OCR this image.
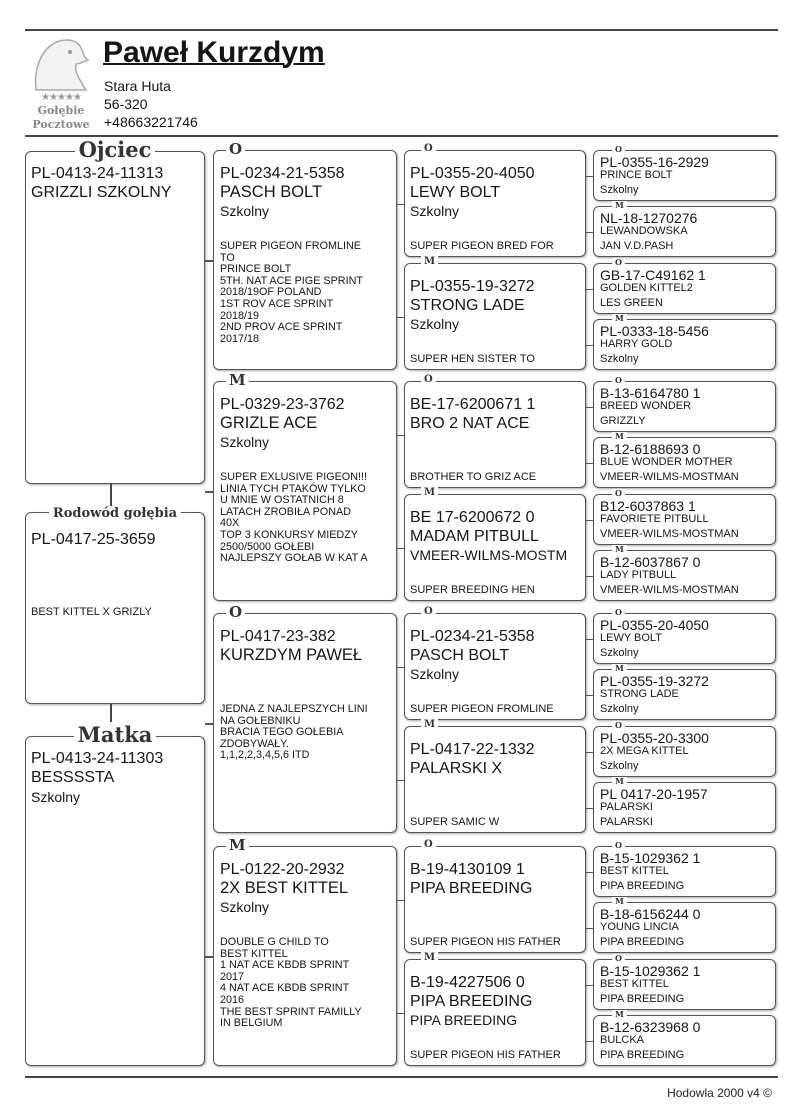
★★★★★
Gołębie
Pocztowe
Paweł Kurzdym
Stara Huta
56-320
+48663221746
Ojciec
PL-0413-24-11313
GRIZZLI SZKOLNY
Rodowód gołębia
PL-0417-25-3659
BEST KITTEL X GRIZLY
Matka
PL-0413-24-11303
BESSSSTA
Szkolny
O
PL-0234-21-5358
PASCH BOLT
Szkolny
SUPER PIGEON FROMLINE
TO
PRINCE BOLT
5TH. NAT ACE PIGE SPRINT
2018/19OF POLAND
1ST ROV ACE SPRINT
2018/19
2ND PROV ACE SPRINT
2017/18
M
PL-0329-23-3762
GRIZLE ACE
Szkolny
SUPER EXLUSIVE PIGEON!!!
LINIA TYCH PTAKÓW TYLKO
U MNIE W OSTATNICH 8
LATACH ZROBIŁA PONAD
40X
TOP 3 KONKURSY MIEDZY
2500/5000 GOŁEBI
NAJLEPSZY GOŁAB W KAT A
O
PL-0417-23-382
KURZDYM PAWEŁ
JEDNA Z NAJLEPSZYCH LINI
NA GOŁEBNIKU
BRACIA TEGO GOŁEBIA
ZDOBYWAŁY.
1,1,2,2,3,4,5,6 ITD
M
PL-0122-20-2932
2X BEST KITTEL
Szkolny
DOUBLE G CHILD TO
BEST KITTEL
1 NAT ACE KBDB SPRINT
2017
4 NAT ACE KBDB SPRINT
2016
THE BEST SPRINT FAMILLY
IN BELGIUM
O
PL-0355-20-4050
LEWY BOLT
Szkolny
SUPER PIGEON BRED FOR
M
PL-0355-19-3272
STRONG LADE
Szkolny
SUPER HEN SISTER TO
O
BE-17-6200671 1
BRO 2 NAT ACE
BROTHER TO GRIZ ACE
M
BE 17-6200672 0
MADAM PITBULL
VMEER-WILMS-MOSTM
SUPER BREEDING HEN
O
PL-0234-21-5358
PASCH BOLT
Szkolny
SUPER PIGEON FROMLINE
M
PL-0417-22-1332
PALARSKI X
SUPER SAMIC W
O
B-19-4130109 1
PIPA BREEDING
SUPER PIGEON HIS FATHER
M
B-19-4227506 0
PIPA BREEDING
PIPA BREEDING
SUPER PIGEON HIS FATHER
O
PL-0355-16-2929
PRINCE BOLT
Szkolny
M
NL-18-1270276
LEWANDOWSKA
JAN V.D.PASH
O
GB-17-C49162 1
GOLDEN KITTEL2
LES GREEN
M
PL-0333-18-5456
HARRY GOLD
Szkolny
O
B-13-6164780 1
BREED WONDER
GRIZZLY
M
B-12-6188693 0
BLUE WONDER MOTHER
VMEER-WILMS-MOSTMAN
O
B12-6037863 1
FAVORIETE PITBULL
VMEER-WILMS-MOSTMAN
M
B-12-6037867 0
LADY PITBULL
VMEER-WILMS-MOSTMAN
O
PL-0355-20-4050
LEWY BOLT
Szkolny
M
PL-0355-19-3272
STRONG LADE
Szkolny
O
PL-0355-20-3300
2X MEGA KITTEL
Szkolny
M
PL 0417-20-1957
PALARSKI
PALARSKI
O
B-15-1029362 1
BEST KITTEL
PIPA BREEDING
M
B-18-6156244 0
YOUNG LINCIA
PIPA BREEDING
O
B-15-1029362 1
BEST KITTEL
PIPA BREEDING
M
B-12-6323968 0
BULCKA
PIPA BREEDING
Hodowla 2000 v4 ©
